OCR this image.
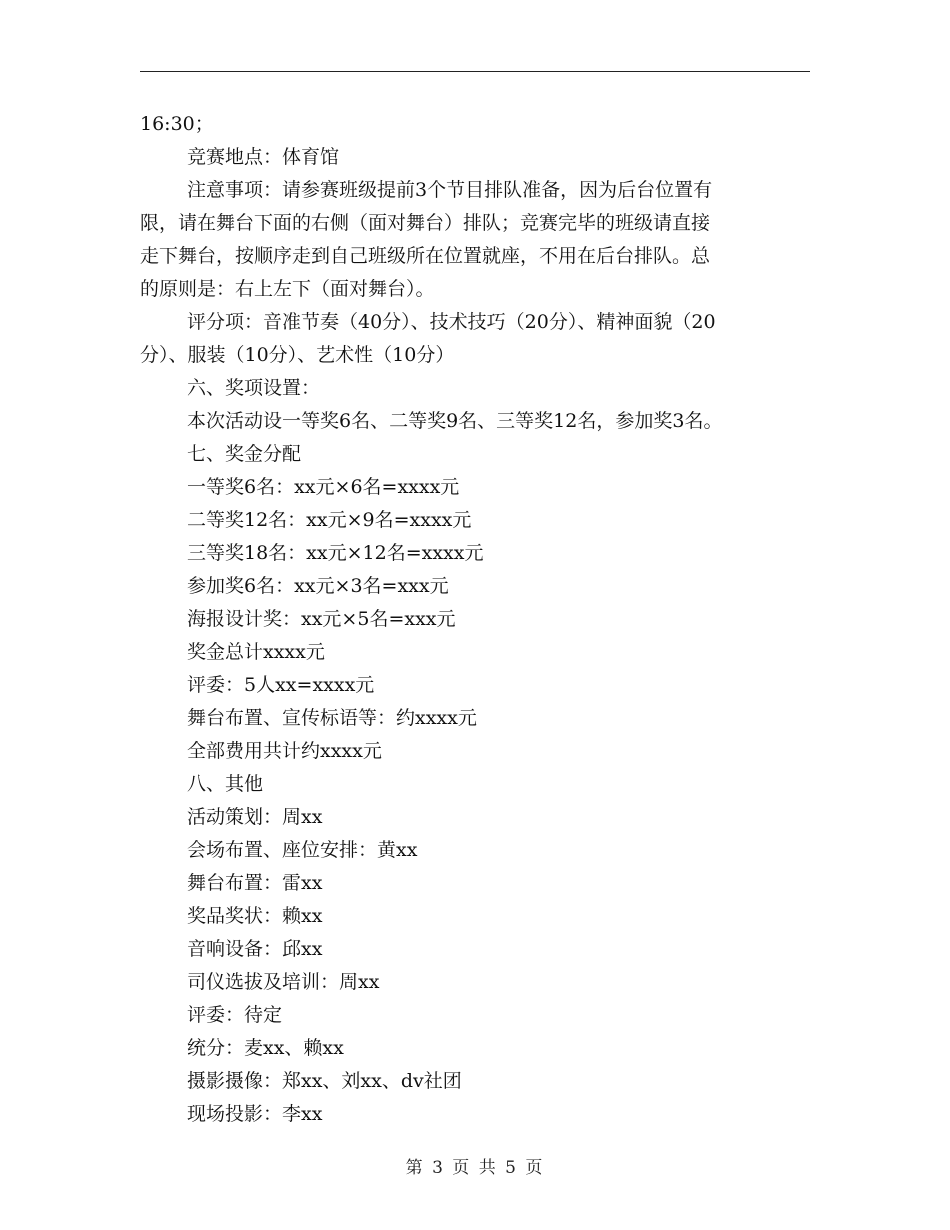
16:30；
竞赛地点：体育馆
注意事项：请参赛班级提前3个节目排队准备，因为后台位置有
限，请在舞台下面的右侧（面对舞台）排队；竞赛完毕的班级请直接
走下舞台，按顺序走到自己班级所在位置就座，不用在后台排队。总
的原则是：右上左下（面对舞台）。
评分项：音准节奏（40分）、技术技巧（20分）、精神面貌（20
分）、服装（10分）、艺术性（10分）
六、奖项设置：
本次活动设一等奖6名、二等奖9名、三等奖12名，参加奖3名。
七、奖金分配
一等奖6名：xx元×6名=xxxx元
二等奖12名：xx元×9名=xxxx元
三等奖18名：xx元×12名=xxxx元
参加奖6名：xx元×3名=xxx元
海报设计奖：xx元×5名=xxx元
奖金总计xxxx元
评委：5人xx=xxxx元
舞台布置、宣传标语等：约xxxx元
全部费用共计约xxxx元
八、其他
活动策划：周xx
会场布置、座位安排：黄xx
舞台布置：雷xx
奖品奖状：赖xx
音响设备：邱xx
司仪选拔及培训：周xx
评委：待定
统分：麦xx、赖xx
摄影摄像：郑xx、刘xx、dv社团
现场投影：李xx
第 3 页 共 5 页
